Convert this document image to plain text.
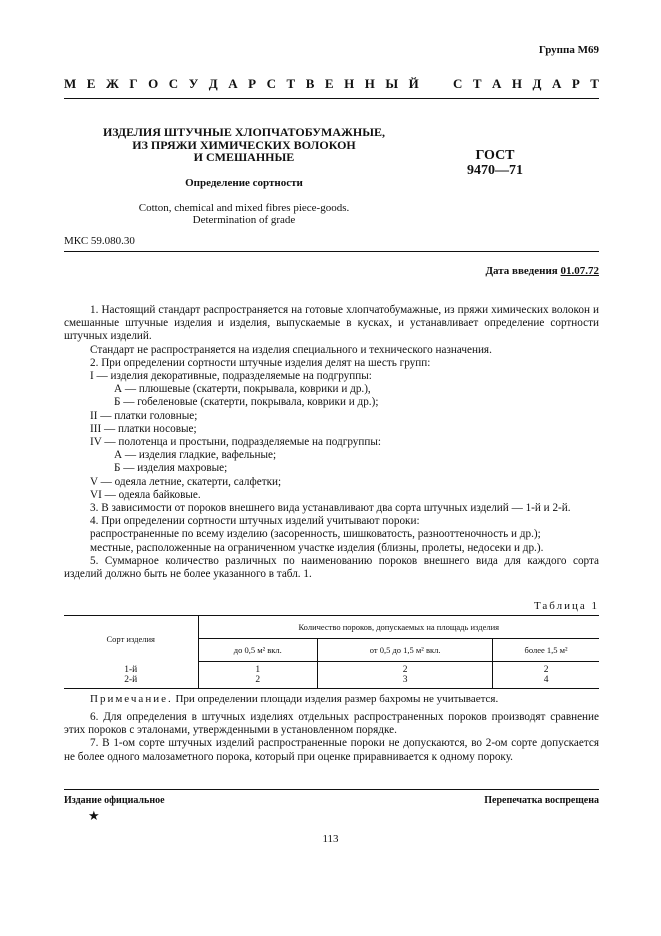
Группа М69
М Е Ж Г О С У Д А Р С Т В Е Н Н Ы Й	С Т А Н Д А Р Т
ИЗДЕЛИЯ ШТУЧНЫЕ ХЛОПЧАТОБУМАЖНЫЕ,
ИЗ ПРЯЖИ ХИМИЧЕСКИХ ВОЛОКОН
И СМЕШАННЫЕ
Определение сортности
Cotton, chemical and mixed fibres piece-goods.
Determination of grade
ГОСТ
9470—71
МКС 59.080.30
Дата введения 01.07.72

1. Настоящий стандарт распространяется на готовые хлопчатобумажные, из пряжи химических волокон и смешанные штучные изделия и изделия, выпускаемые в кусках, и устанавливает определение сортности штучных изделий.

Стандарт не распространяется на изделия специального и технического назначения.

2. При определении сортности штучные изделия делят на шесть групп:

I — изделия декоративные, подразделяемые на подгруппы:

А — плюшевые (скатерти, покрывала, коврики и др.),

Б — гобеленовые (скатерти, покрывала, коврики и др.);

II — платки головные;

III — платки носовые;

IV — полотенца и простыни, подразделяемые на подгруппы:

А — изделия гладкие, вафельные;

Б — изделия махровые;

V — одеяла летние, скатерти, салфетки;

VI — одеяла байковые.

3. В зависимости от пороков внешнего вида устанавливают два сорта штучных изделий — 1-й и 2-й.

4. При определении сортности штучных изделий учитывают пороки:

распространенные по всему изделию (засоренность, шишковатость, разнооттеночность и др.);

местные, расположенные на ограниченном участке изделия (близны, пролеты, недосеки и др.).

5. Суммарное количество различных по наименованию пороков внешнего вида для каждого сорта изделий должно быть не более указанного в табл. 1.

Таблица 1
Сорт изделия	Количество пороков, допускаемых на площадь изделия		
	до 0,5 м² вкл.	от 0,5 до 1,5 м² вкл.	более 1,5 м²
1-й	1	2	2
2-й	2	3	4
Примечание. При определении площади изделия размер бахромы не учитывается.

6. Для определения в штучных изделиях отдельных распространенных пороков производят сравнение этих пороков с эталонами, утвержденными в установленном порядке.

7. В 1-ом сорте штучных изделий распространенные пороки не допускаются, во 2-ом сорте допускается не более одного малозаметного порока, который при оценке приравнивается к одному пороку.

Издание официальное	Перепечатка воспрещена
★
113
